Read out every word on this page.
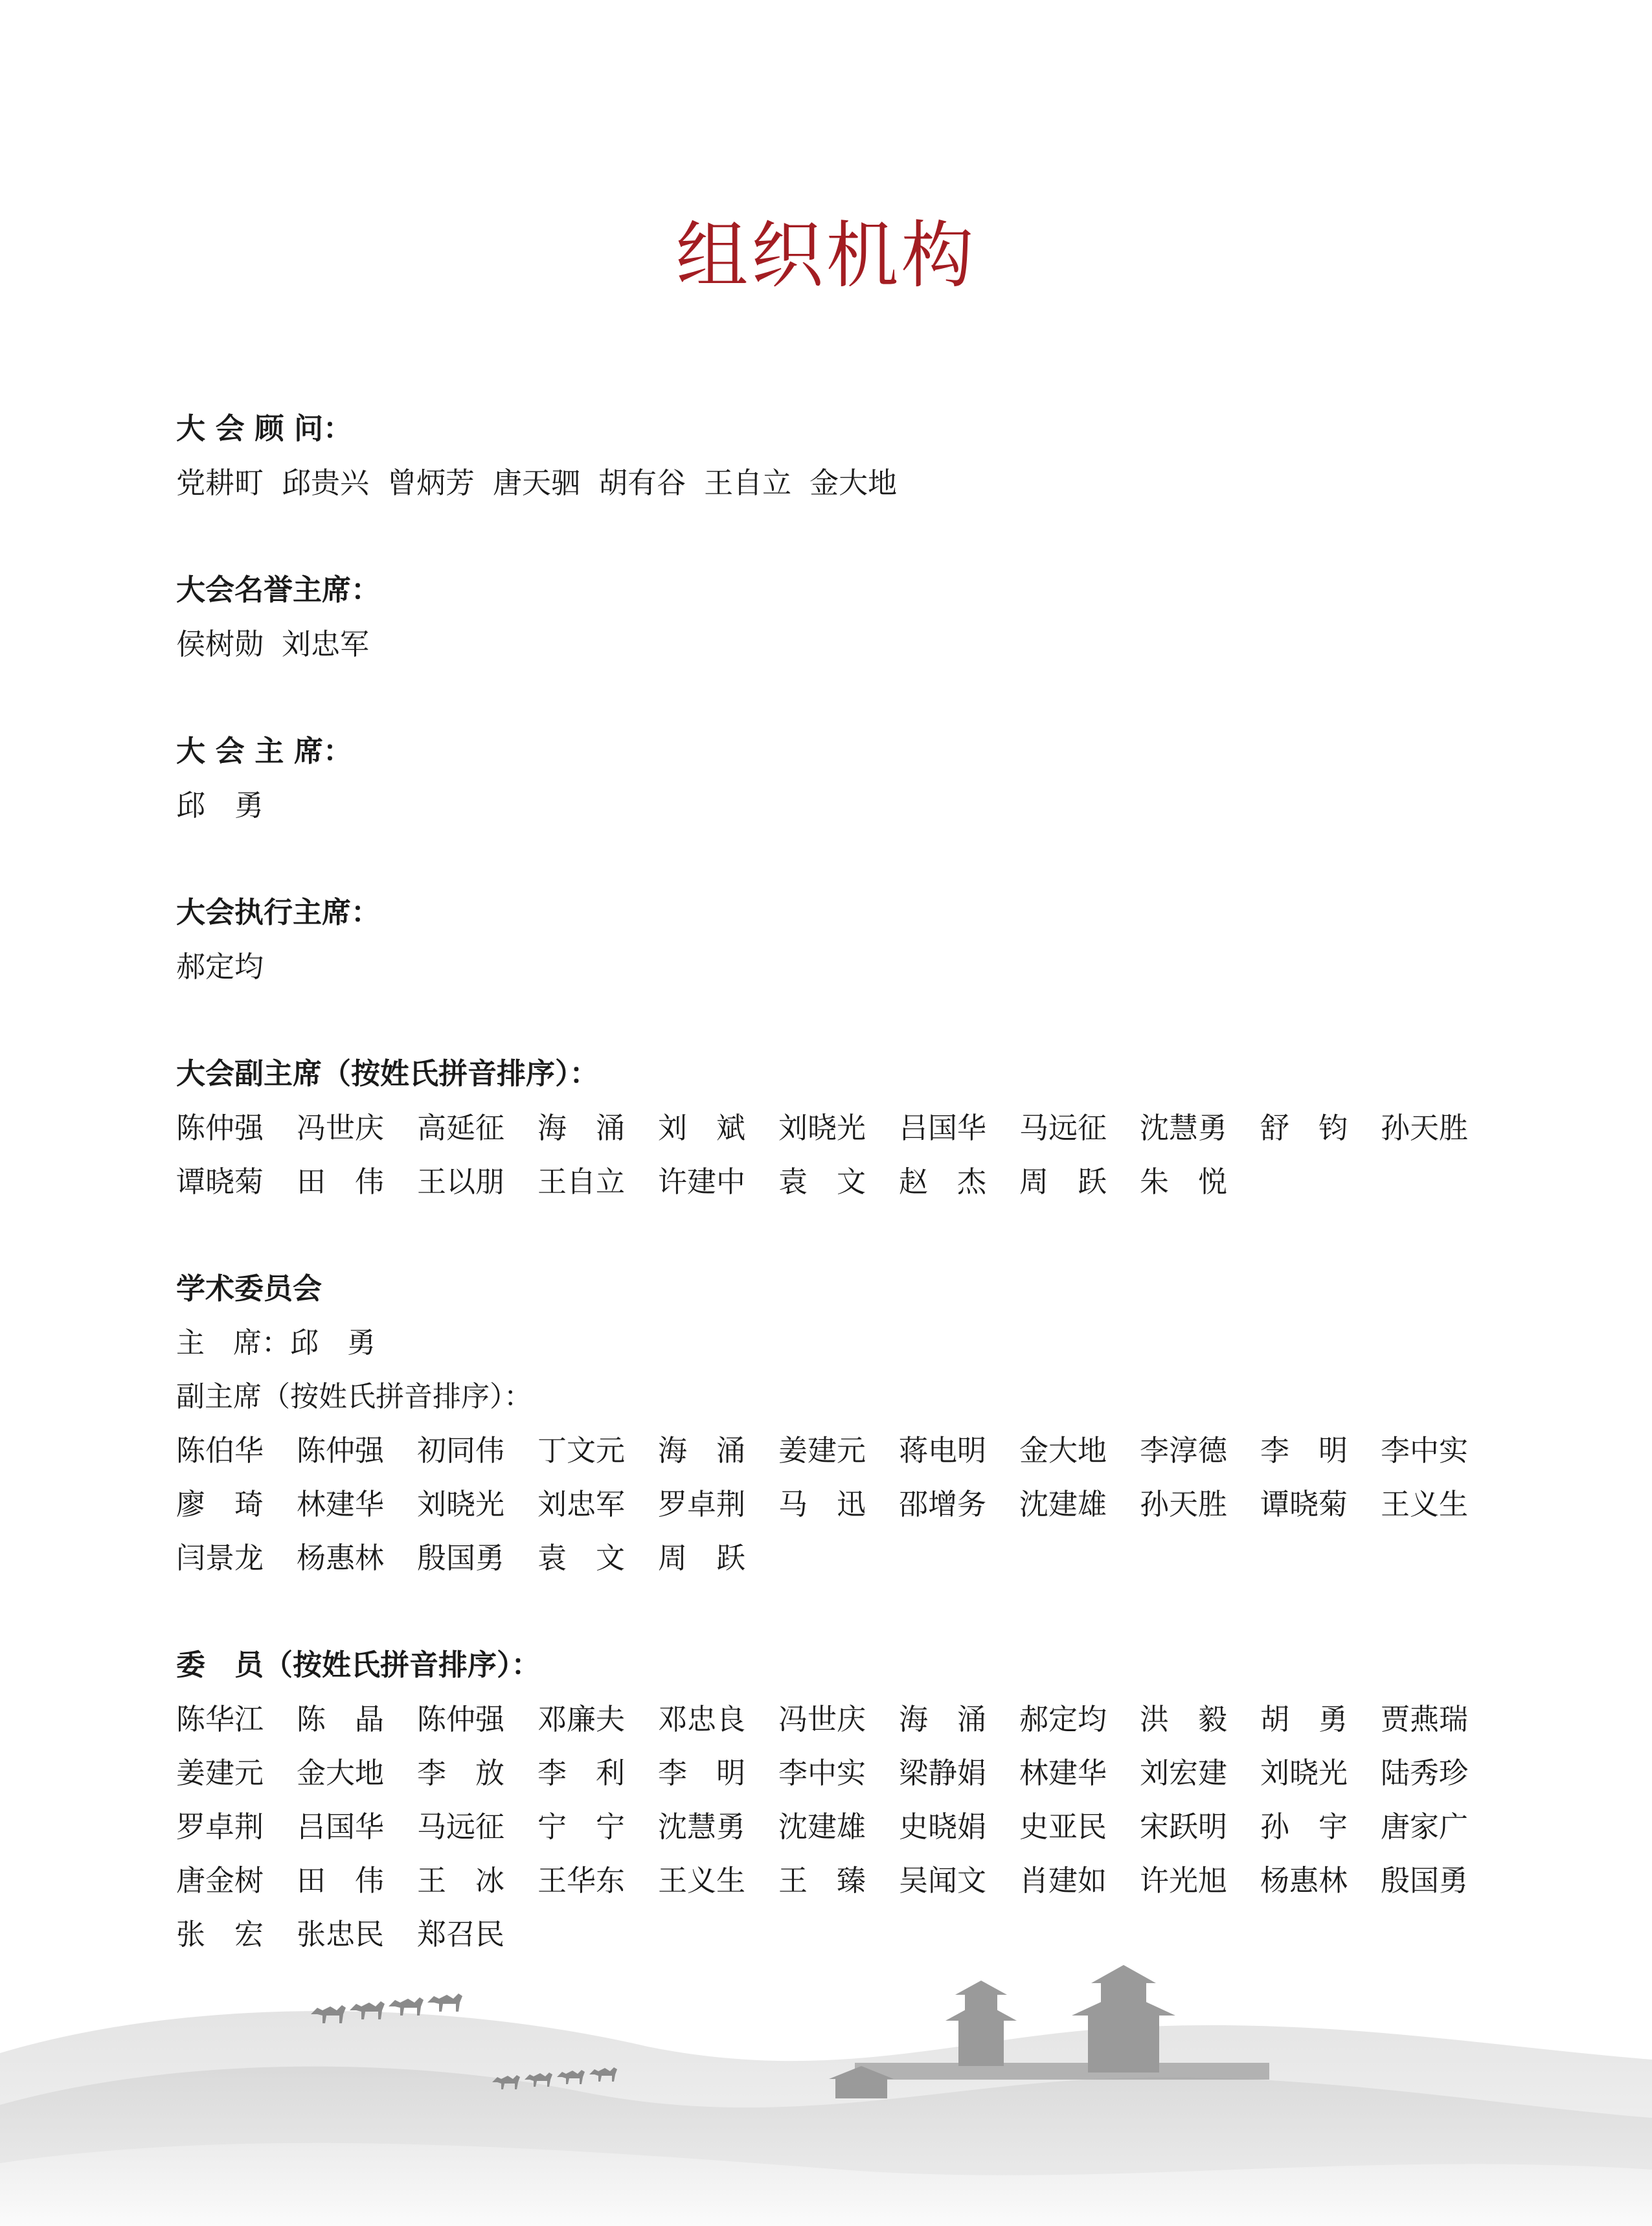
组织机构
大 会 顾 问：
党耕町 邱贵兴 曾炳芳 唐天驷 胡有谷 王自立 金大地
大会名誉主席：
侯树勋 刘忠军
大 会 主 席：
邱　勇
大会执行主席：
郝定均
大会副主席（按姓氏拼音排序）：
陈仲强 冯世庆 高延征 海　涌 刘　斌 刘晓光 吕国华 马远征 沈慧勇 舒　钧 孙天胜
谭晓菊 田　伟 王以朋 王自立 许建中 袁　文 赵　杰 周　跃 朱　悦
学术委员会
主　席：邱　勇
副主席（按姓氏拼音排序）：
陈伯华 陈仲强 初同伟 丁文元 海　涌 姜建元 蒋电明 金大地 李淳德 李　明 李中实
廖　琦 林建华 刘晓光 刘忠军 罗卓荆 马　迅 邵增务 沈建雄 孙天胜 谭晓菊 王义生
闫景龙 杨惠林 殷国勇 袁　文 周　跃
委　员（按姓氏拼音排序）：
陈华江 陈　晶 陈仲强 邓廉夫 邓忠良 冯世庆 海　涌 郝定均 洪　毅 胡　勇 贾燕瑞
姜建元 金大地 李　放 李　利 李　明 李中实 梁静娟 林建华 刘宏建 刘晓光 陆秀珍
罗卓荆 吕国华 马远征 宁　宁 沈慧勇 沈建雄 史晓娟 史亚民 宋跃明 孙　宇 唐家广
唐金树 田　伟 王　冰 王华东 王义生 王　臻 吴闻文 肖建如 许光旭 杨惠林 殷国勇
张　宏 张忠民 郑召民
